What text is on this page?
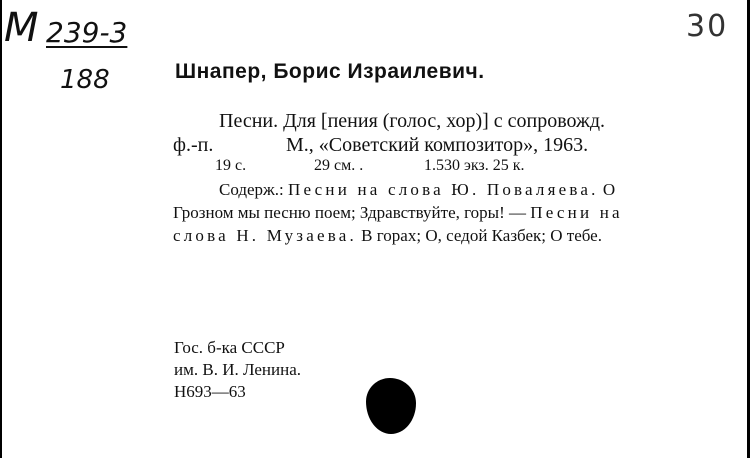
M 239-3
188
30
Шнапер, Борис Израилевич.
Песни. Для [пения (голос, хор)] с сопровожд.
ф.-п.	М., «Советский композитор», 1963.
19 с.	29 см. .	1.530 экз. 25 к.
Содерж.: Песни на слова Ю. Поваляева. О
Грозном мы песню поем; Здравствуйте, горы! — Песни на
слова Н. Музаева. В горах; О, седой Казбек; О тебе.
Гос. б-ка СССР
им. В. И. Ленина.
Н693—63
